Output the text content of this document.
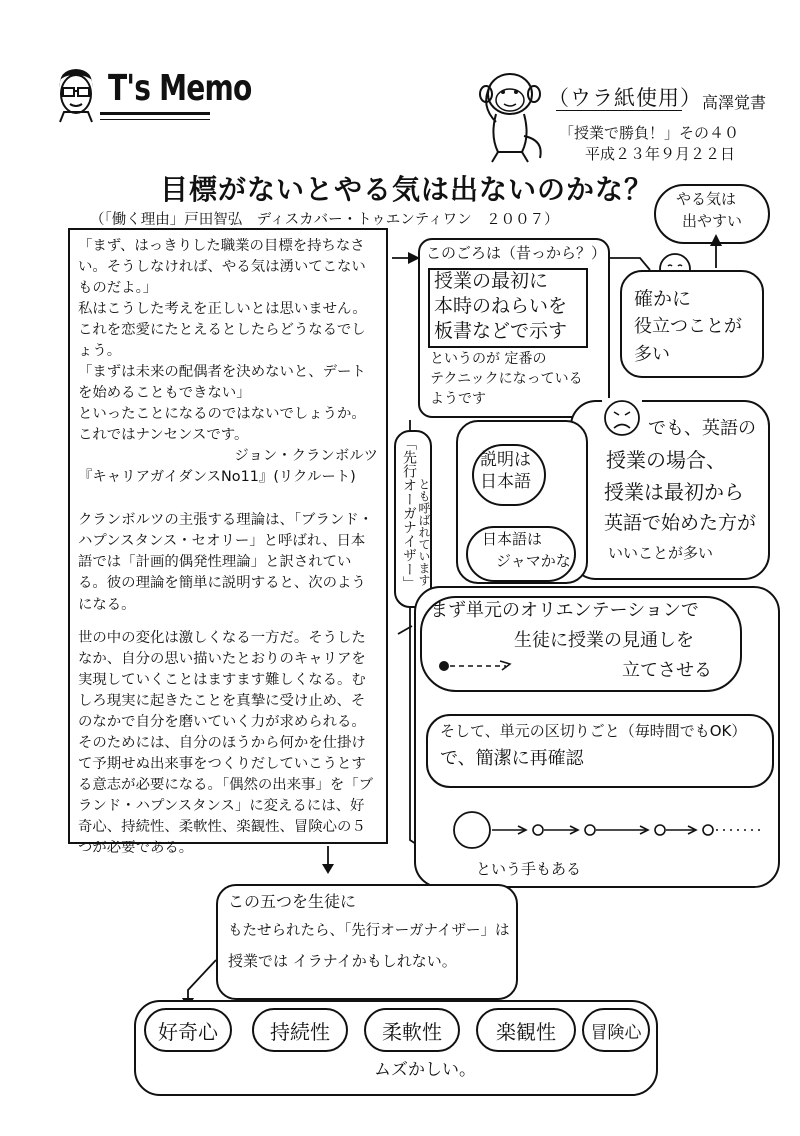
T's Memo	（ウラ紙使用） 高澤覚書
「授業で勝負！」その４０
平成２３年９月２２日
目標がないとやる気は出ないのかな？
（「働く理由」戸田智弘　ディスカバー・トゥエンティワン　２００７）

「まず、はっきりした職業の目標を持ちなさい。そうしなければ、やる気は湧いてこないものだよ。」

私はこうした考えを正しいとは思いません。これを恋愛にたとえるとしたらどうなるでしょう。

「まずは未来の配偶者を決めないと、デートを始めることもできない」

といったことになるのではないでしょうか。これではナンセンスです。

ジョン・クランボルツ

『キャリアガイダンスNo11』(リクルート)

クランボルツの主張する理論は、「ブランド・ハプンスタンス・セオリー」と呼ばれ、日本語では「計画的偶発性理論」と訳されている。彼の理論を簡単に説明すると、次のようになる。

世の中の変化は激しくなる一方だ。そうしたなか、自分の思い描いたとおりのキャリアを実現していくことはますます難しくなる。むしろ現実に起きたことを真摯に受け止め、そのなかで自分を磨いていく力が求められる。そのためには、自分のほうから何かを仕掛けて予期せぬ出来事をつくりだしていこうとする意志が必要になる。「偶然の出来事」を「ブランド・ハプンスタンス」に変えるには、好奇心、持続性、柔軟性、楽観性、冒険心の５つが必要である。

このごろは（昔っから？）
授業の最初に
本時のねらいを
板書などで示す
というのが 定番の
テクニックになっている
ようです
やる気は
出やすい
確かに
役立つことが
多い
でも、英語の
授業の場合、
授業は最初から
英語で始めた方が
いいことが多い
説明は
日本語
日本語は
ジャマかな
「先行オーガナイザー」 とも呼ばれています
まず単元のオリエンテーションで
生徒に授業の見通しを
立てさせる
そして、単元の区切りごと（毎時間でもOK）
で、簡潔に再確認
という手もある
この五つを生徒に
もたせられたら、「先行オーガナイザー」は
授業では イラナイかもしれない。
好奇心	持続性	柔軟性	楽観性	冒険心
ムズかしい。
